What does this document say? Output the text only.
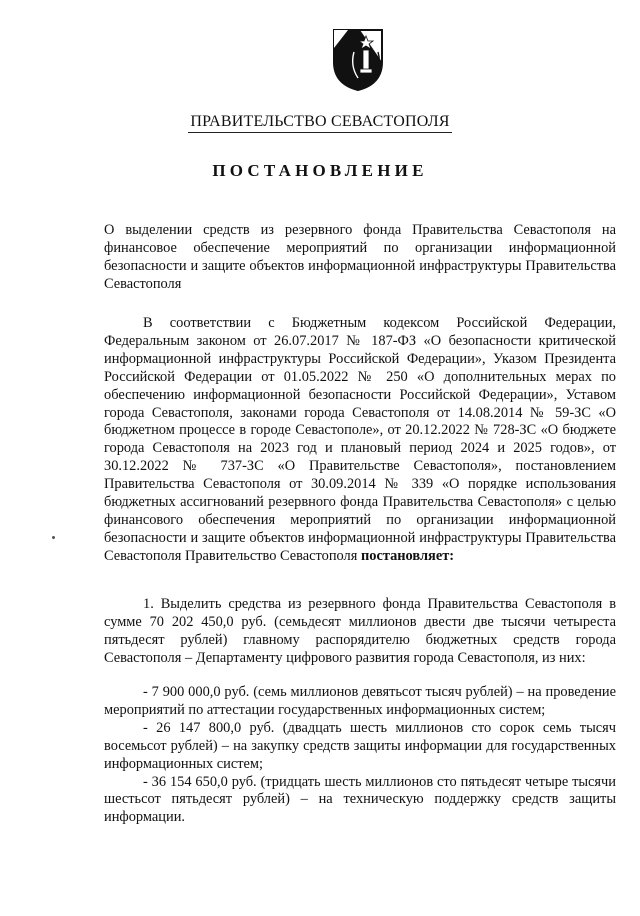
ПРАВИТЕЛЬСТВО СЕВАСТОПОЛЯ
ПОСТАНОВЛЕНИЕ
О выделении средств из резервного фонда Правительства Севастополя на финансовое обеспечение мероприятий по организации информационной безопасности и защите объектов информационной инфраструктуры Правительства Севастополя
В соответствии с Бюджетным кодексом Российской Федерации, Федеральным законом от 26.07.2017 № 187-ФЗ «О безопасности критической информационной инфраструктуры Российской Федерации», Указом Президента Российской Федерации от 01.05.2022 № 250 «О дополнительных мерах по обеспечению информационной безопасности Российской Федерации», Уставом города Севастополя, законами города Севастополя от 14.08.2014 № 59-ЗС «О бюджетном процессе в городе Севастополе», от 20.12.2022 № 728-ЗС «О бюджете города Севастополя на 2023 год и плановый период 2024 и 2025 годов», от 30.12.2022 № 737-ЗС «О Правительстве Севастополя», постановлением Правительства Севастополя от 30.09.2014 № 339 «О порядке использования бюджетных ассигнований резервного фонда Правительства Севастополя» с целью финансового обеспечения мероприятий по организации информационной безопасности и защите объектов информационной инфраструктуры Правительства Севастополя Правительство Севастополя постановляет:
1. Выделить средства из резервного фонда Правительства Севастополя в сумме 70 202 450,0 руб. (семьдесят миллионов двести две тысячи четыреста пятьдесят рублей) главному распорядителю бюджетных средств города Севастополя – Департаменту цифрового развития города Севастополя, из них:
- 7 900 000,0 руб. (семь миллионов девятьсот тысяч рублей) – на проведение мероприятий по аттестации государственных информационных систем;
- 26 147 800,0 руб. (двадцать шесть миллионов сто сорок семь тысяч восемьсот рублей) – на закупку средств защиты информации для государственных информационных систем;
- 36 154 650,0 руб. (тридцать шесть миллионов сто пятьдесят четыре тысячи шестьсот пятьдесят рублей) – на техническую поддержку средств защиты информации.
